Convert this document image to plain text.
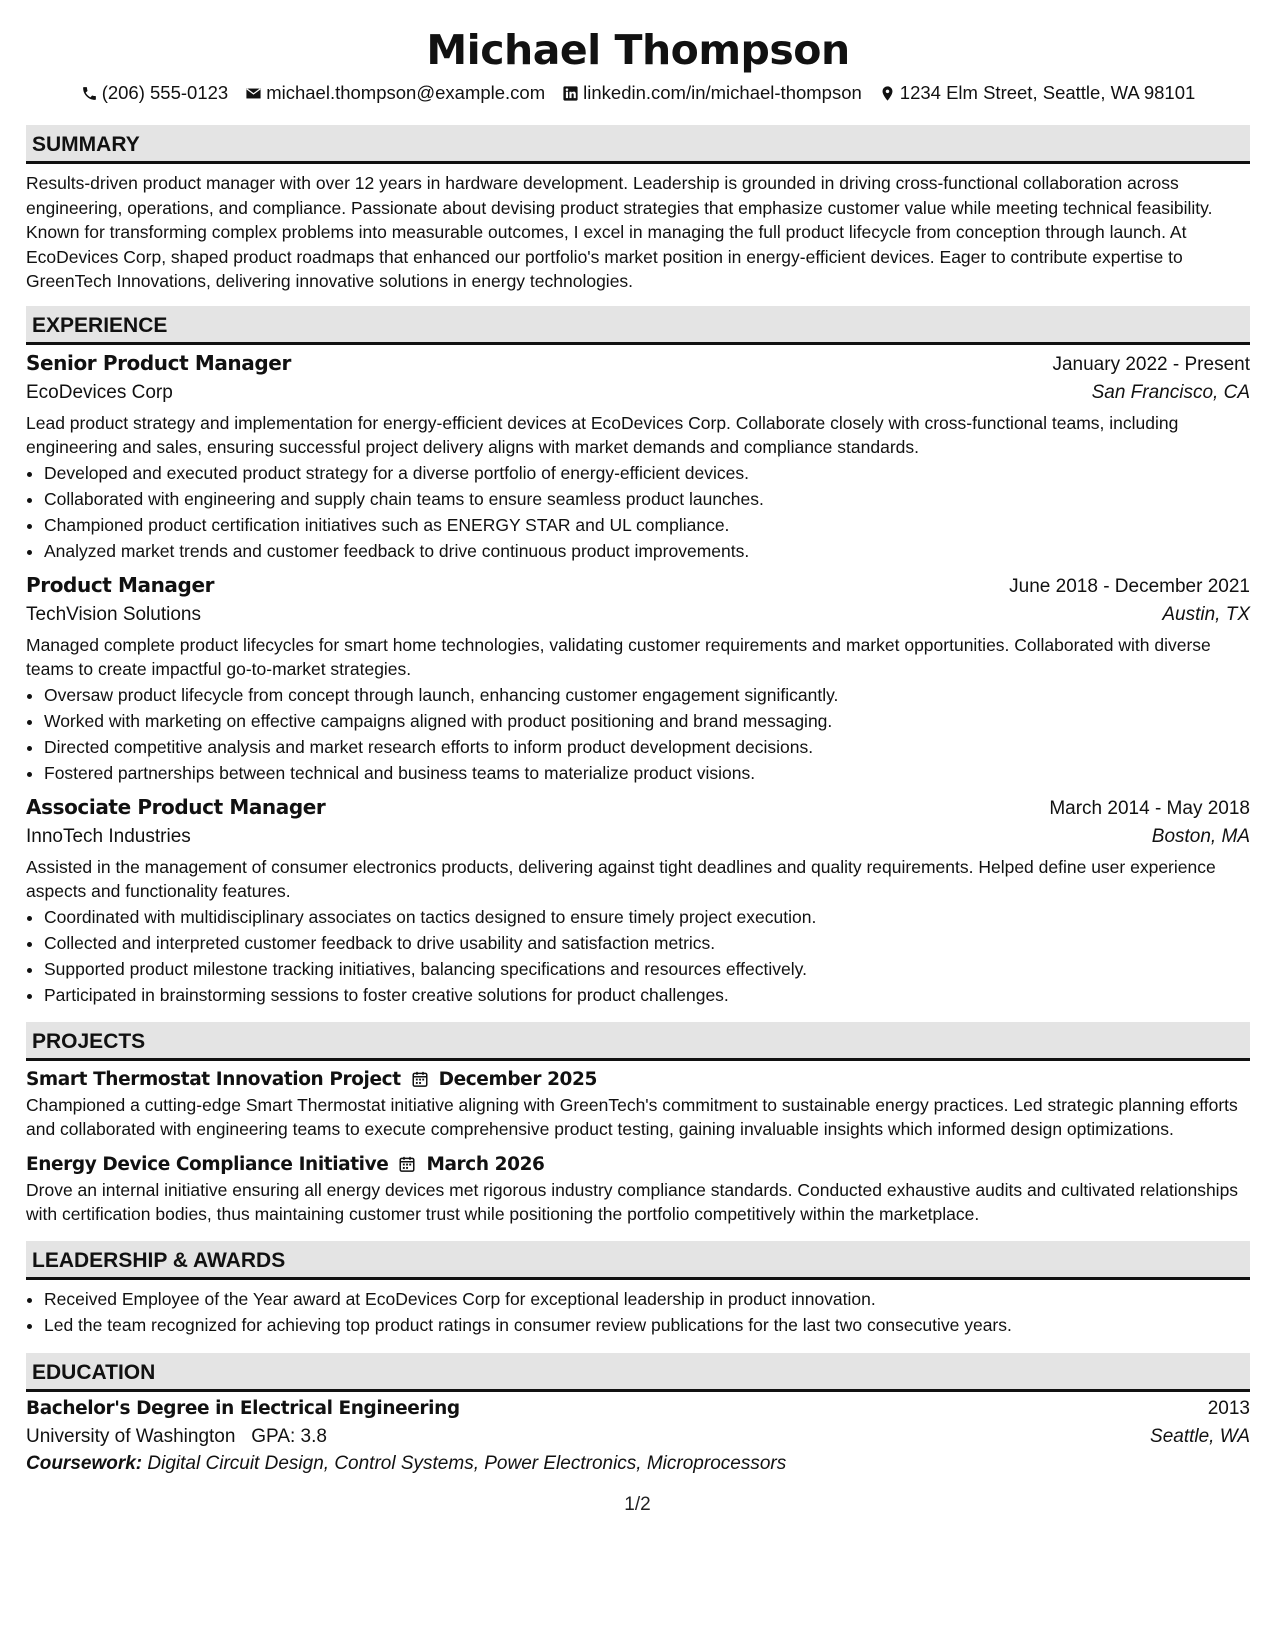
Michael Thompson
(206) 555-0123 michael.thompson@example.com linkedin.com/in/michael-thompson 1234 Elm Street, Seattle, WA 98101
SUMMARY
Results-driven product manager with over 12 years in hardware development. Leadership is grounded in driving cross-functional collaboration across engineering, operations, and compliance. Passionate about devising product strategies that emphasize customer value while meeting technical feasibility. Known for transforming complex problems into measurable outcomes, I excel in managing the full product lifecycle from conception through launch. At EcoDevices Corp, shaped product roadmaps that enhanced our portfolio's market position in energy-efficient devices. Eager to contribute expertise to GreenTech Innovations, delivering innovative solutions in energy technologies.
EXPERIENCE
Senior Product Manager	January 2022 - Present
EcoDevices Corp	San Francisco, CA
Lead product strategy and implementation for energy-efficient devices at EcoDevices Corp. Collaborate closely with cross-functional teams, including engineering and sales, ensuring successful project delivery aligns with market demands and compliance standards.
• Developed and executed product strategy for a diverse portfolio of energy-efficient devices.
• Collaborated with engineering and supply chain teams to ensure seamless product launches.
• Championed product certification initiatives such as ENERGY STAR and UL compliance.
• Analyzed market trends and customer feedback to drive continuous product improvements.
Product Manager	June 2018 - December 2021
TechVision Solutions	Austin, TX
Managed complete product lifecycles for smart home technologies, validating customer requirements and market opportunities. Collaborated with diverse teams to create impactful go-to-market strategies.
• Oversaw product lifecycle from concept through launch, enhancing customer engagement significantly.
• Worked with marketing on effective campaigns aligned with product positioning and brand messaging.
• Directed competitive analysis and market research efforts to inform product development decisions.
• Fostered partnerships between technical and business teams to materialize product visions.
Associate Product Manager	March 2014 - May 2018
InnoTech Industries	Boston, MA
Assisted in the management of consumer electronics products, delivering against tight deadlines and quality requirements. Helped define user experience aspects and functionality features.
• Coordinated with multidisciplinary associates on tactics designed to ensure timely project execution.
• Collected and interpreted customer feedback to drive usability and satisfaction metrics.
• Supported product milestone tracking initiatives, balancing specifications and resources effectively.
• Participated in brainstorming sessions to foster creative solutions for product challenges.
PROJECTS
Smart Thermostat Innovation Project December 2025
Championed a cutting-edge Smart Thermostat initiative aligning with GreenTech's commitment to sustainable energy practices. Led strategic planning efforts and collaborated with engineering teams to execute comprehensive product testing, gaining invaluable insights which informed design optimizations.
Energy Device Compliance Initiative March 2026
Drove an internal initiative ensuring all energy devices met rigorous industry compliance standards. Conducted exhaustive audits and cultivated relationships with certification bodies, thus maintaining customer trust while positioning the portfolio competitively within the marketplace.
LEADERSHIP & AWARDS
• Received Employee of the Year award at EcoDevices Corp for exceptional leadership in product innovation.
• Led the team recognized for achieving top product ratings in consumer review publications for the last two consecutive years.
EDUCATION
Bachelor's Degree in Electrical Engineering	2013
University of Washington GPA: 3.8	Seattle, WA
Coursework: Digital Circuit Design, Control Systems, Power Electronics, Microprocessors
1/2
